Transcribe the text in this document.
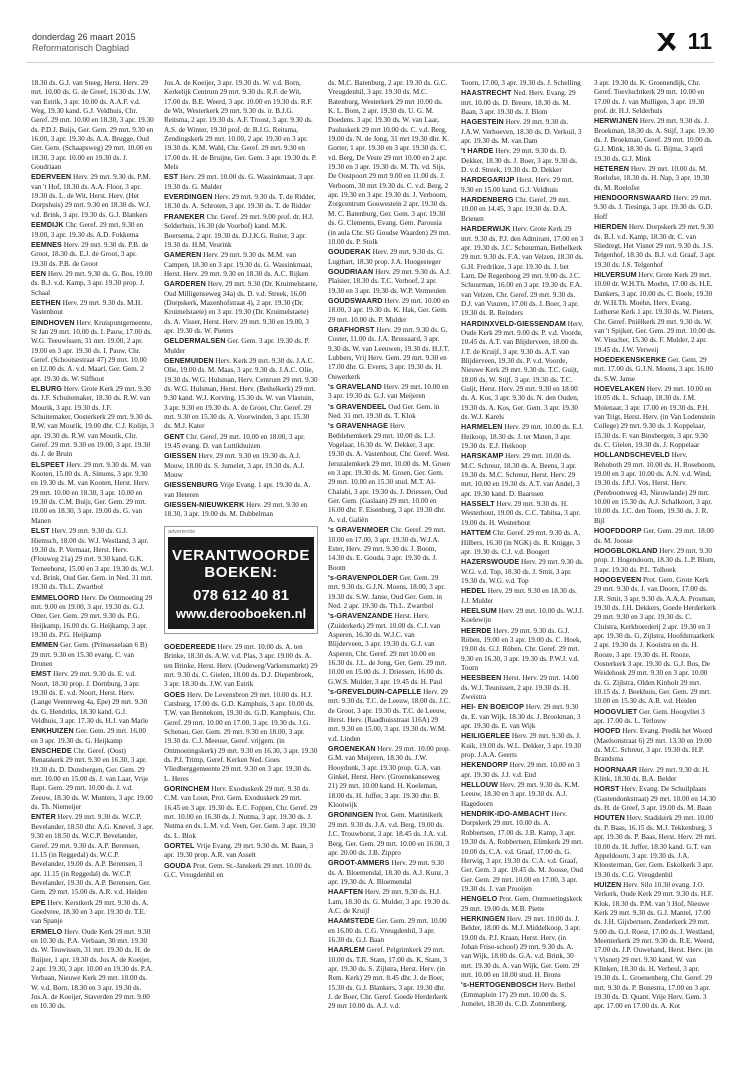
donderdag 26 maart 2015
Reformatorisch Dagblad	11

18.30 ds. G.J. van Steeg, Herst. Herv. 29 mrt. 10.00 ds. G. de Greef, 16.30 ds. J.W. van Estrik, 3 apr. 10.00 ds. A.A.F. v.d. Weg, 19.30 kand. G.J. Veldhuis, Chr. Geref. 29 mrt. 10.00 en 18.30, 3 apr. 19.30 ds. P.D.J. Buijs, Ger. Gem. 29 mrt. 9.30 en 16.00, 3 apr. 19.30 ds. A.A. Brugge, Oud Ger. Gem. (Schaapsweg) 29 mrt. 10.00 en 18.30, 3 apr. 10.00 en 19.30 ds. J. Goudriaan

EDERVEEN Herv. 29 mrt. 9.30 ds. P.M. van 't Hof, 18.30 ds. A.A. Floor, 3 apr. 19.30 ds. L. de Wit, Herst. Herv. (Het Dorpshuis) 29 mrt. 9.30 en 18.30 ds. W.J. v.d. Brink, 3 apr. 19.30 ds. G.J. Blankers

EEMDIJK Chr. Geref. 29 mrt. 9.30 en 19.00, 3 apr. 19.30 ds. A.D. Fokkema

EEMNES Herv. 29 mrt. 9.30 ds. P.B. de Groot, 18.30 ds. E.J. de Groot, 3 apr. 19.30 ds. P.B. de Groot

EEN Herv. 29 mrt. 9.30 ds. G. Bos, 19.00 ds. B.J. v.d. Kamp, 3 apr. 19.30 prop. J. Schaal

EETHEN Herv. 29 mrt. 9.30 ds. M.H. Vastenhout

EINDHOVEN Herv. Kruispuntgemeente, St Jan 29 mrt. 10.00 ds. I. Pauw, 17.00 ds. W.G. Teeuwissen, 31 mrt. 19.00, 2 apr. 19.00 en 3 apr. 19.30 ds. I. Pauw, Chr. Geref. (Schootsestraat 47) 29 mrt. 10.00 en 12.00 ds. A. v.d. Maarl, Ger. Gem. 2 apr. 19.30 ds. W. Silfhout

ELBURG Herv. Grote Kerk 29 mrt. 9.30 ds. J.F. Schuitemaker, 18.30 ds. R.W. van Mourik, 3 apr. 19.30 ds. J.F. Schuitemaker, Oosterkerk 29 mrt. 9.30 ds. R.W. van Mourik, 19.00 dhr. C.J. Kolijn, 3 apr. 19.30 ds. R.W. van Mourik, Chr. Geref. 29 mrt. 9.30 en 19.00, 3 apr. 19.30 ds. J. de Bruin

ELSPEET Herv. 29 mrt. 9.30 ds. M. van Kooten, 15.00 ds. A. Simons, 3 apr. 9.30 en 19.30 ds. M. van Kooten, Herst. Herv. 29 mrt. 10.00 en 18.30, 3 apr. 10.00 en 19.30 ds. C.M. Buijs, Ger. Gem. 29 mrt. 10.00 en 18.30, 3 apr. 19.00 ds. G. van Manen

ELST Herv. 29 mrt. 9.30 ds. G.J. Hiemsch, 18.00 ds. W.J. Westland, 3 apr. 19.30 ds. P. Vermaat, Herst. Herv. (Flouweg 21a) 29 mrt. 9.30 kand. G.K. Terneehorst, 15.00 en 3 apr. 19.30 ds. W.J. v.d. Brink, Oud Ger. Gem. in Ned. 31 mrt. 19.30 ds. Th.L. Zwartbol

EMMELOORD Herv. De Ontmoeting 29 mrt. 9.00 en 19.00, 3 apr. 19.30 ds. G.J. Otter, Ger. Gem. 29 mrt. 9.30 ds. P.G. Heijkamp, 16.00 ds. G. Heijkamp, 3 apr. 19.30 ds. P.G. Heijkamp

EMMEN Ger. Gem. (Prinsesselaan 6 B) 29 mrt. 9.30 en 15.30 evang. C. van Drunen

EMST Herv. 29 mrt. 9.30 ds. E. v.d. Noort, 18.30 prop. J. Dornburg, 3 apr. 19.30 ds. E. v.d. Noort, Herst. Herv. (Lange Veenteweg 4a, Epe) 29 mrt. 9.30 ds. G. Hendriks, 18.30 kand. G.J. Veldhuis, 3 apr. 17.30 ds. H.J. van Marle

ENKHUIZEN Ger. Gem. 29 mrt. 16.00 en 3 apr. 19.30 ds. G. Heijkamp

ENSCHEDE Chr. Geref. (Oost) Renatakerk 29 mrt. 9.30 en 16.30, 3 apr. 19.30 ds. D. Dunsbergen, Ger. Gem. 29 mrt. 10.00 en 15.00 ds. J. van Laar, Vrije Rapt. Gem. 29 mrt. 10.00 ds. J. v.d. Zeeuw, 18.30 ds. W. Munters, 3 apr. 19.00 ds. Th. Niemeijer

ENTER Herv. 29 mrt. 9.30 ds. W.C.P. Bevelander, 18.50 dhr. A.G. Knevel, 3 apr. 9.30 en 18.50 ds. W.C.P. Bevelander, Geref. 29 mrt. 9.30 ds. A.P. Berensen, 11.15 (in Reggedal) ds. W.C.P. Bevelander, 19.00 ds. A.P. Berensen, 3 apr. 11.15 (in Reggedal) ds. W.C.P. Bevelander, 19.30 ds. A.P. Berensen, Ger. Gem. 29 mrt. 15.00 ds. A.R. v.d. Heiden

EPE Herv. Kerstkerk 29 mrt. 9.30 ds. A. Goedvree, 18.30 en 3 apr. 19.30 dr. T.E. van Spanje

ERMELO Herv. Oude Kerk 29 mrt. 9.30 en 10.30 ds. P.A. Verbaan, 30 mrt. 19.30 ds. W. Teuwissen, 31 mrt. 19.30 ds. H. de Ruijter, 1 apr. 19.30 ds. Jos A. de Koeijer, 2 apr. 19.30, 3 apr. 10.00 en 19.30 ds. P.A. Verbaan, Nieuwe Kerk 29 mrt. 10.00 ds. W. v.d. Born, 18.30 en 3 apr. 19.30 ds. Jos.A. de Koeijer, Staverden 29 mrt. 9.00 en 10.30 ds.

Jos.A. de Koeijer, 3 apr. 19.30 ds. W. v.d. Born, Kerkelijk Centrum 29 mrt. 9.30 ds. R.F. de Wit, 17.00 ds. B.E. Weerd, 3 apr. 10.00 en 19.30 ds. R.F. de Wit, Westerkerk 29 mrt. 9.30 ds. ir. B.J.G. Reitsma, 2 apr. 19.30 ds. A.F. Troost, 3 apr. 9.30 ds. A.S. de Winter, 19.30 prof. dr. B.J.G. Reitsma, Zendingskerk 29 mrt. 10.00, 2 apr. 19.30 en 3 apr. 19.30 ds. K.M. Wahl, Chr. Geref. 29 mrt. 9.30 en 17.00 ds. H. de Bruijne, Ger. Gem. 3 apr. 19.30 ds. P. Mels

EST Herv. 29 mrt. 10.00 ds. G. Wassinkmaat, 3 apr. 19.30 ds. G. Mulder

EVERDINGEN Herv. 29 mrt. 9.30 ds. T. de Ridder, 18.30 ds. A. Schroten, 3 apr. 19.30 ds. T. de Ridder

FRANEKER Chr. Geref. 29 mrt. 9.00 prof. dr. H.J. Selderhuis, 16.30 (de Voorhof) kand. M.K. Boersema, 2 apr. 19.30 ds. D.J.K.G. Ruiter, 3 apr. 19.30 ds. H.M. Veurink

GAMEREN Herv. 29 mrt. 9.30 ds. M.M. van Campen, 18.30 en 3 apr. 19.30 ds. G. Wassinkmaat, Herst. Herv. 29 mrt. 9.30 en 18.30 ds. A.C. Rijken

GARDEREN Herv. 29 mrt. 9.30 (Dr. Kruimelstaete, Oud Milligenseweg 34a) ds. D. v.d. Streek, 16.00 (Dorpskerk, Mazenhofstraat 4), 2 apr. 19.30 (Dr. Kruimelstaete) en 3 apr. 19.30 (Dr. Kruimelstaete) ds. A. Visser, Herst. Herv. 29 mrt. 9.30 en 19.00, 3 apr. 19.30 ds. W. Pieters

GELDERMALSEN Ger. Gem. 3 apr. 19.30 ds. P. Mulder

GENEMUIDEN Herv. Kerk 29 mrt. 9.30 ds. J.A.C. Olie, 19.00 ds. M. Maas, 3 apr. 9.30 ds. J.A.C. Olie, 19.30 ds. W.G. Hulsman, Herv. Centrum 29 mrt. 9.30 ds. W.G. Hulsman, Herst. Herv. (Bethelkerk) 29 mrt. 9.30 kand. W.J. Korving, 15.30 ds. W. van Vlastuin, 3 apr. 9.30 en 19.30 ds. A. de Groot, Chr. Geref. 29 mrt. 9.30 en 15.30 ds. A. Voorwinden, 3 apr. 15.30 ds. M.J. Kater

GENT Chr. Geref. 29 mrt. 10.00 en 18.00, 3 apr. 19.45 evang. D. van Luttikhuizen

GIESSEN Herv. 29 mrt. 9.30 en 19.30 ds. A.J. Mouw, 18.00 ds. S. Jumelet, 3 apr. 19.30 ds. A.J. Mouw

GIESSENBURG Vrije Evang. 1 apr. 19.30 ds. A. van Heteren

GIESSEN-NIEUWKERK Herv. 29 mrt. 9.30 en 18.30, 3 apr. 19.00 ds. M. Dubbelman

advertentie
VERANTWOORDE
BOEKEN:
078 612 40 81
www.derooboeken.nl

GOEDEREEDE Herv. 29 mrt. 10.00 ds. A. ten Brinke, 18.30 ds. A.W. v.d. Plas, 3 apr. 19.00 ds. A. ten Brinke, Herst. Herv. (Oudeweg/Varkensmarkt) 29 mrt. 9.30 ds. C. Gielen, 18.00 ds. D.J. Diepenbroek, 3 apr. 18.30 ds. J.W. van Estrik

GOES Herv. De Levensbron 29 mrt. 10.00 ds. H.J. Catsburg, 17.00 ds. G.D. Kamphuis, 3 apr. 10.00 ds. T.W. van Bennekom, 19.30 ds. G.D. Kamphuis, Chr. Geref. 29 mrt. 10.00 en 17.00, 3 apr. 19.30 ds. J.G. Schenau, Ger. Gem. 29 mrt. 9.30 en 18.00, 3 apr. 19.30 ds. C.J. Meeuse, Geref. vrijgem. (in Ontmoetingskerk) 29 mrt. 9.30 en 16.30, 3 apr. 19.30 ds. P.J. Trimp, Geref. Kerken Ned. Goes Vliedberggemeente 29 mrt. 9.30 en 3 apr. 19.30 ds. L. Heres

GORINCHEM Herv. Exoduskerk 29 mrt. 9.30 ds. C.M. van Loon, Prot. Gem. Exoduskerk 29 mrt. 16.45 en 3 apr. 19.30 ds. E.C. Foppen, Chr. Geref. 29 mrt. 10.00 en 16.30 ds. J. Nutma, 3 apr. 19.30 ds. J. Nutma en ds. L.M. v.d. Veen, Ger. Gem. 3 apr. 19.30 ds. L. Blok

GORTEL Vrije Evang. 29 mrt. 9.30 ds. M. Baan, 3 apr. 19.30 prop. A.R. van Asselt

GOUDA Prot. Gem. St.-Janskerk 29 mrt. 10.00 ds. G.C. Vreugdenhil en

ds. M.C. Batenburg, 2 apr. 19.30 ds. G.C. Vreugdenhil, 3 apr. 19.30 ds. M.C. Batenburg, Westerkerk 29 mrt 10.00 ds. K. L. Bom, 2 apr. 19.30 ds. U. G. M. Doedens. 3 apr. 19.30 ds. W. van Laar, Pauluskerk 29 mrt 10.00 ds. C. v.d. Berg, 19.00 ds. N. de Jong, 31 mrt 19.30 dhr. K. Gorter, 1 apr. 19.30 en 3 apr. 19.30 ds. C. vd. Berg, De Veste 29 mrt 10.00 en 2 apr. 19.30 en 3 apr. 19.30 ds. M. Th. vd. Sijs, De Oostpoort 29 mrt 9.00 en 11.00 ds. J. Verboom, 30 mrt 19.30 ds. C. v.d. Berg, 2 apr. 19.30 en 3 apr. 19.30 ds. J. Verboom, Zorgcentrum Gouwestein 2 apr. 19.30 ds. M. C. Batenburg, Ger. Gem. 3 apr. 19.30 ds. G. Clements, Evang. Gem. Parousia (in aula Chr. SG Goudse Waarden) 29 mrt. 10.00 ds. P. Stolk

GOUDERAK Herv. 29 mrt. 9.30 ds. G. Lugthart, 18.30 prop. J.A. Hoogesteger

GOUDRIAAN Herv. 29 mrt. 9.30 ds. A.J. Plaisier, 18.30 ds. T.C. Verhoef, 2 apr. 19.30 en 3 apr. 19.30 ds. W.P. Vermeulen

GOUDSWAARD Herv. 29 mrt. 10.00 en 18.00, 3 apr. 19.30 ds. K. Hak, Ger. Gem. 29 mrt. 10.00 ds. P. Mulder

GRAFHORST Herv. 29 mrt. 9.30 ds. G. Coster, 11.00 ds. J.A. Brussaard, 3 apr. 9.30 ds. W. van Leeuwen, 19.30 ds. H.J.T. Lubbers, Vrij Herv. Gem. 29 mrt. 9.30 en 17.00 dhr. G. Everts, 3 apr. 19.30 ds. H. Ouwerkerk

's GRAVELAND Herv. 29 mrt. 10.00 en 3 apr. 19.30 ds. G.J. van Meijeren

's GRAVENDEEL Oud Ger. Gem. in Ned. 31 mrt. 19.30 ds. T. Klok

's GRAVENHAGE Herv. Bethlehemkerk 29 mrt. 10.00 ds. L.J. Vogelaar, 16.30 ds. W. Dekker, 3 apr. 19.30 ds. A. Vastenhout, Chr. Geref. West. Jeruzalemkerk 29 mrt. 10.00 ds. M. Groen en 3 apr. 19.30 ds. M. Groen, Ger. Gem. 29 mrt. 10.00 en 15.30 stud. M.T. Al-Chalabi, 3 apr. 19.30 ds. J. Driessen, Oud Ger. Gem. (Gaslaan) 29 mrt. 10.00 en 16.00 dhr. F. Eisenburg, 3 apr. 19.30 dhr. A. v.d. Galiën

's GRAVENMOER Chr. Geref. 29 mrt. 10.00 en 17.00, 3 apr. 19.30 ds. W.J.A. Ester, Herv. 29 mrt. 9.30 ds. J. Boom, 14.30 ds. E. Gouda, 3 apr. 19.30 ds. J. Boom

's-GRAVENPOLDER Ger. Gem. 29 mrt. 9.30 ds. G.J.N. Moens, 18.00, 3 apr. 19.30 ds. S.W. Janse, Oud Ger. Gem. in Ned. 2 apr. 19.30 ds. Th.L. Zwartbol

's-GRAVENZANDE Herst. Herv. (Zuiderkerk) 29 mrt. 10.00 ds. C.J. van Asperen, 16.30 ds. W.J.C. van Blijderveen, 3 apr. 19.30 ds. G.J. van Asperen, Chr. Geref. 29 mrt 10.00 en 16.30 ds. J.L. de Jong, Ger. Gem. 29 mrt. 10.00 en 15.00 ds. J. Driessen, 16.00 ds. G.W.S. Mulder, 3 apr. 19.45 ds. H. Paul

's-GREVELDUIN-CAPELLE Herv. 29 mrt. 9.30 ds. T.C. de Leeuw, 18.00 ds. J.C. de Groot, 3 apr. 19.30 ds. T.C. de Leeuw, Herst. Herv. (Raadhuisstraat 116A) 29 mrt. 9.30 en 15.00, 3 apr. 19.30 ds. W.M. v.d. Linden

GROENEKAN Herv. 29 mrt. 10.00 prop. G.M. van Meijeren, 18.30 ds. J.W. Hooydonk, 3 apr. 19.30 prop. G.A. van Ginkel, Herst. Herv. (Groenekanseweg 21) 29 mrt. 10.00 kand. H. Koeleman, 18.00 ds. H. Juffer, 3 apr. 19.30 dhr. B. Klootwijk

GRONINGEN Prot. Gem. Martinikerk 29 mrt. 9.30 ds. J.A. v.d. Berg, 19.00 ds. J.C. Trouwborst, 3 apr. 18.45 ds. J.A. v.d. Berg, Ger. Gem. 29 mrt. 10.00 en 16.00, 3 apr. 20.00 ds. J.B. Zippro

GROOT-AMMERS Herv. 29 mrt. 9.30 ds. A. Bloemendal, 18.30 ds. A.J. Kunz, 3 apr. 19.30 ds. A. Bloemendal

HAAFTEN Herv. 29 mrt. 9.30 ds. H.J. Lam, 18.30 ds. G. Mulder, 3 apr. 19.30 ds. A.C. de Kruijf

HAAMSTEDE Ger. Gem. 29 mrt. 10.00 en 16.00 ds. C.G. Vreugdenhil, 3 apr. 16.30 ds. G.J. Baan

HAARLEM Geref. Pelgrimkerk 29 mrt. 10.00 ds. T.R. Stam, 17.00 ds. K. Stam, 3 apr. 19.30 ds. S. Zijlstra, Herst. Herv. (in Rem. Kerk) 29 mrt. 8.45 dhr. J. de Boer, 15.30 ds. G.J. Blankers, 3 apr. 19.30 dhr. J. de Boer, Chr. Geref. Goede Herderkerk 29 mrt 10.00 ds. A.J. v.d.

Toorn, 17.00, 3 apr. 19.30 ds. J. Schelling

HAASTRECHT Ned. Herv. Evang. 29 mrt. 10.00 ds. D. Breure, 18.30 ds. M. Baan, 3 apr. 19.30 ds. J. Blom

HAGESTEIN Herv. 29 mrt. 9.30 ds. J.A.W. Verhoeven, 18.30 ds. D. Verkuil, 3 apr. 19.30 ds. M. van Dam

't HARDE Herv. 29 mrt. 9.30 ds. D. Dekker, 18.30 ds. J. Boer, 3 apr. 9.30 ds. D. v.d. Streek, 19.30 ds. D. Dekker

HARDEGARIJP Herst. Herv. 29 mrt. 9.30 en 15.00 kand. G.J. Veldhuis

HARDENBERG Chr. Geref. 29 mrt. 10.00 en 14.45, 3 apr. 19.30 ds. D.A. Brienen

HARDERWIJK Herv. Grote Kerk 29 mrt. 9.30 ds. P.J. den Admirant, 17.00 en 3 apr. 19.30 ds. J.C. Schuurman, Bethelkerk 29 mrt. 9.30 ds. F.A. van Velzen, 18.30 ds. G.H. Fredrikze, 3 apr. 19.30 ds. J. bet Lam, De Regenboog 29 mrt. 9.00 ds. J.C. Schuurman, 16.00 en 3 apr. 19.30 ds. F.A. van Velzen, Chr. Geref. 29 mrt. 9.30 ds. D.J. van Vuuren, 17.00 ds. J. Boer, 3 apr. 19.30 ds. B. Reinders

HARDINXVELD-GIESSENDAM Herv. Oude Kerk 29 mrt. 9.00 ds. P. v.d. Voorde, 10.45 ds. A.T. van Blijderveen, 18.00 ds. J.T. de Kruijf, 3 apr. 9.30 ds. A.T. van Blijderveen, 19.30 ds. P. v.d. Voorde, Nieuwe Kerk 29 mrt. 9.30 ds. T.C. Guijt, 18.00 ds. W. Stijf, 3 apr. 19.30 ds. T.C. Guijt, Herst. Herv. 29 mrt. 9.30 en 18.00 ds. A. Kos, 3 apr. 9.30 ds. N. den Ouden, 19.30 ds. A. Kos, Ger. Gem. 3 apr. 19.30 ds. W.J. Karels

HARMELEN Herv. 29 mrt. 10.00 ds. E.J. Heikoop, 18.30 ds. J. ter Maten, 3 apr. 19.30 ds. E.J. Heikoop

HARSKAMP Herv. 29 mrt. 10.00 ds. M.C. Schreur, 18.30 ds. A. Beens, 3 apr. 19.30 ds. M.C. Schreur, Herst. Herv. 29 mrt. 10.00 en 19.30 ds. A.T. van Andel, 3 apr. 19.30 kand. D. Baarssen

HASSELT Herv. 29 mrt. 9.30 ds. H. Westerhout, 19.00 ds. C.C. Tabitsa, 3 apr. 19.00 ds. H. Westerhout

HATTEM Chr. Geref. 29 mrt. 9.30 ds. A. Hilbers, 16.30 (in NGK) ds. R. Knigge, 3 apr. 19.30 ds. C.J. v.d. Boogert

HAZERSWOUDE Herv. 29 mrt. 9.30 ds. W.G. v.d. Top, 18.30 ds. J. Smit, 3 apr. 19.30 ds. W.G. v.d. Top

HEDEL Herv. 29 mrt. 9.30 en 18.30 ds. J.J. Mulder

HEELSUM Herv. 29 mrt. 10.00 ds. W.J.J. Koelewijn

HEERDE Herv. 29 mrt. 9.30 ds. G.J. Röben, 19.00 en 3 apr. 19.00 ds. C. Hoek, 19.00 ds. G.J. Röben, Chr. Geref. 29 mrt. 9.30 en 16.30, 3 apr. 19.30 ds. P.W.J. v.d. Toorn

HEESBEEN Herst. Herv. 29 mrt. 14.00 ds. W.J. Teunissen, 2 apr. 19.30 ds. H. Zweistra

HEI- EN BOEICOP Herv. 29 mrt. 9.30 ds. E. van Wijk, 18.30 ds. J. Brookman, 3 apr. 19.30 ds. E. van Wijk

HEILIGERLEE Herv. 29 mrt. 9.30 ds. J. Kuik, 19.00 ds. W.L. Dekker, 3 apr. 19.30 prop. J.A.A. Geerts

HEKENDORP Herv. 29 mrt. 10.00 en 3 apr. 19.30 ds. J.J. v.d. End

HELLOUW Herv. 29 mrt. 9.30 ds. K.M. Leeuw, 18.30 en 3 apr. 19.30 ds. A.J. Hagedoorn

HENDRIK-IDO-AMBACHT Herv. Dorpskerk 29 mrt. 10.00 ds. A. Robbertsen, 17.00 ds. J.B. Kamp, 3 apr. 19.30 ds. A. Robbertsen, Elimkerk 29 mrt. 10.00 ds. C.A. v.d. Graaf, 17.00 ds. G. Herwig, 3 apr. 19.30 ds. C.A. v.d. Graaf, Ger. Gem. 3 apr. 19.45 ds. M. Joosse, Oud Ger. Gem. 29 mrt. 10.00 en 17.00, 3 apr. 19.30 ds. J. van Prooijen

HENGELO Prot. Gem. Ontmoetingskerk 29 mrt. 19.00 ds. M.B. Piette

HERKINGEN Herv. 29 mrt. 10.00 ds. J. Belder, 18.00 ds. M.J. Middelkoop, 3 apr. 19.00 ds. P.J. Kraan, Herst. Herv. (in Johan Friso-school) 29 mrt. 9.30 ds. A. van Wijk, 18.00 ds. G.A. v.d. Brink, 30 mrt. 19.30 ds. A. van Wijk, Ger. Gem. 29 mrt. 10.00 en 18.00 stud. H. Brons

's-HERTOGENBOSCH Herv. Bethel (Emmaplein 17) 29 mrt. 10.00 ds. S. Jumelet, 18.30 ds. C.D. Zonnenberg,

3 apr. 19.30 ds. K. Groenendijk, Chr. Geref. Toevluchtkerk 29 mrt. 10.00 en 17.00 ds. J. van Mulligen, 3 apr. 19.30 prof. dr. H.J. Selderhuis

HERWIJNEN Herv. 29 mrt. 9.30 ds. J. Broekman, 18.30 ds. A. Stijf, 3 apr. 19.30 ds. J. Broekman, Geref. 29 mrt. 10.00 ds. G.J. Mink, 18.30 ds. G. Bijma, 3 april 19.30 ds. G.J. Mink

HETEREN Herv. 29 mrt. 10.00 ds. M. Roelofse, 18.30 ds. H. Nap, 3 apr. 19.30 ds. M. Roelofse

HIENDOORNSWAARD Herv. 29 mrt. 9.30 ds. J. Tiesinga, 3 apr. 19.30 ds. G.D. Hoff

HIERDEN Herv. Dorpskerk 29 mrt. 9.30 ds. B.J. v.d. Kamp, 18.30 dr. C. van Sliedregt, Het Visnet 29 mrt. 9.30 ds. J.S. Telgenhof, 18.30 ds. B.J. v.d. Graaf, 3 apr. 19.30 ds. J.S. Telgenhof

HILVERSUM Herv. Grote Kerk 29 mrt. 10.00 dr. W.H.Th. Moehn, 17.00 ds. H.E. Dankers, 3 apr. 10.00 ds. C. Boele, 19.30 dr. W.H.Th. Moehn, Herv. Evang. Lutherse Kerk 1 apr. 19.30 ds. W. Pieters, Chr. Geref. Pniëlkerk 29 mrt. 9.30 ds. W. van 't Spijker, Ger. Gem. 29 mrt. 10.00 ds. W. Visscher, 15.30 ds. F. Mulder, 2 apr. 19.45 ds. J.W. Verweij

HOEDEKENSKERKE Ger. Gem. 29 mrt. 17.00 ds. G.J.N. Moens, 3 apr. 16.00 ds. S.W. Janse

HOEVELAKEN Herv. 29 mrt. 10.00 en 10.05 dk. L. Schaap, 18.30 ds. J.M. Molenaar, 3 apr. 17.00 en 19.30 ds. P.H. van Trigt, Herst. Herv. (in Van Lodenstein College) 29 mrt. 9.30 ds. J. Koppelaar, 15.30 ds. F. van Binsbergen, 3 apr. 9.30 ds. C. Gielen, 19.30 ds. J. Koppelaar

HOLLANDSCHEVELD Herv. Rehoboth 29 mrt. 10.00 ds. H. Roseboom, 19.00 en 3 apr. 10.00 ds. A.N. v.d. Wind, 19.30 ds. J.P.J. Vos, Herst. Herv. (Pereboomweg 43, Nieuwlande) 29 mrt. 10.00 en 15.30 ds. A.J. Schalkoort, 3 apr. 10.00 ds. J.C. den Toom, 19.30 ds. J. R. Bijl

HOOFDDORP Ger. Gem. 29 mrt. 18.00 ds. M. Joosse

HOOGBLOKLAND Herv. 29 mrt. 9.30 prop. J. Hogendoorn, 18.30 ds. L.P. Blom, 3 apr. 19.30 ds. P.L. Tolhoek

HOOGEVEEN Prot. Gem. Grote Kerk 29 mrt. 9.30 ds. J. van Doorn, 17.00 ds. J.R. Smit, 3 apr. 9.30 ds. A.A.A. Prosman, 19.30 ds. J.H. Dekkers, Goede Herderkerk 29 mrt. 9.30 en 3 apr. 19.30 ds. C. Cluistra, Kerkboerderij 2 apr. 19.30 en 3 apr. 19.30 ds. G. Zijlstra, Hoofdstraatkerk 2 apr. 19.30 ds. J. Kooistra en ds. H. Rooze, 3 apr. 19.30 ds. H. Rooze, Oosterkerk 3 apr. 19.30 ds. G.J. Bos, De Weidehoek 29 mrt. 9.30 en 3 apr. 10.00 ds. G. Zijlstra, Olden Kinholt 29 mrt. 10.15 ds. J. Beekhuis, Ger. Gem. 29 mrt. 10.00 en 15.30 ds. A.R. v.d. Heiden

HOOGVLIET Ger. Gem. Hoogvliet 3 apr. 17.00 ds. L. Terlouw

HOOFD Herv. Evang. Predik het Woord (Maelsonstraat 6) 29 mrt. 13.30 en 19.00 ds. M.C. Schreur, 3 apr. 19.30 ds. H.P. Brandsma

HOORNAAR Herv. 29 mrt. 9.30 dr. H. Klink, 18.30 ds. B.A. Belder

HORST Herv. Evang. De Schuilplaats (Gastendonkstraat) 29 mrt. 10.00 en 14.30 ds. H. de Greef, 3 apr. 19.00 ds. M. Baan

HOUTEN Herv. Stadskerk 29 mrt. 10.00 ds. P. Baas, 16.15 ds. M.J. Tekkenburg, 3 apr. 19.30 ds. P. Baas, Herst. Herv. 29 mrt. 10.00 ds. H. Juffer, 18.30 kand. G.T. van Appeldoorn, 3 apr. 19.30 ds. J.A. Kloosterman, Ger. Gem. Eskolkerk 3 apr. 19.30 ds. C.G. Vreugdenhil

HUIZEN Herv. Silo 10.30 evang. J.O. Verkerk, Oude Kerk 29 mrt. 9.30 ds. H.F. Klok, 18.30 ds. P.M. van 't Hof, Nieuwe Kerk 29 mrt. 9.30 ds. G.J. Mantel, 17.00 ds. J.H. Gijsbertsen, Zenderkerk 29 mrt. 9.00 ds. G.J. Roest, 17.00 ds. J. Westland, Meenterkerk 29 mrt. 9.30 ds. R.E. Weerd, 17.00 ds. J.P. Ouwehand, Herst. Herv. (in 't Visnet) 29 mrt. 9.30 kand. W. van Klinken, 18.30 ds. H. Verheul, 3 apr. 19.30 ds. L. Groenenberg, Chr. Geref. 29 mrt. 9.30 ds. P. Bonestra, 17.00 en 3 apr. 19.30 ds. D. Quant. Vrije Herv. Gem. 3 apr. 17.00 en 17.00 ds. A. Kot
